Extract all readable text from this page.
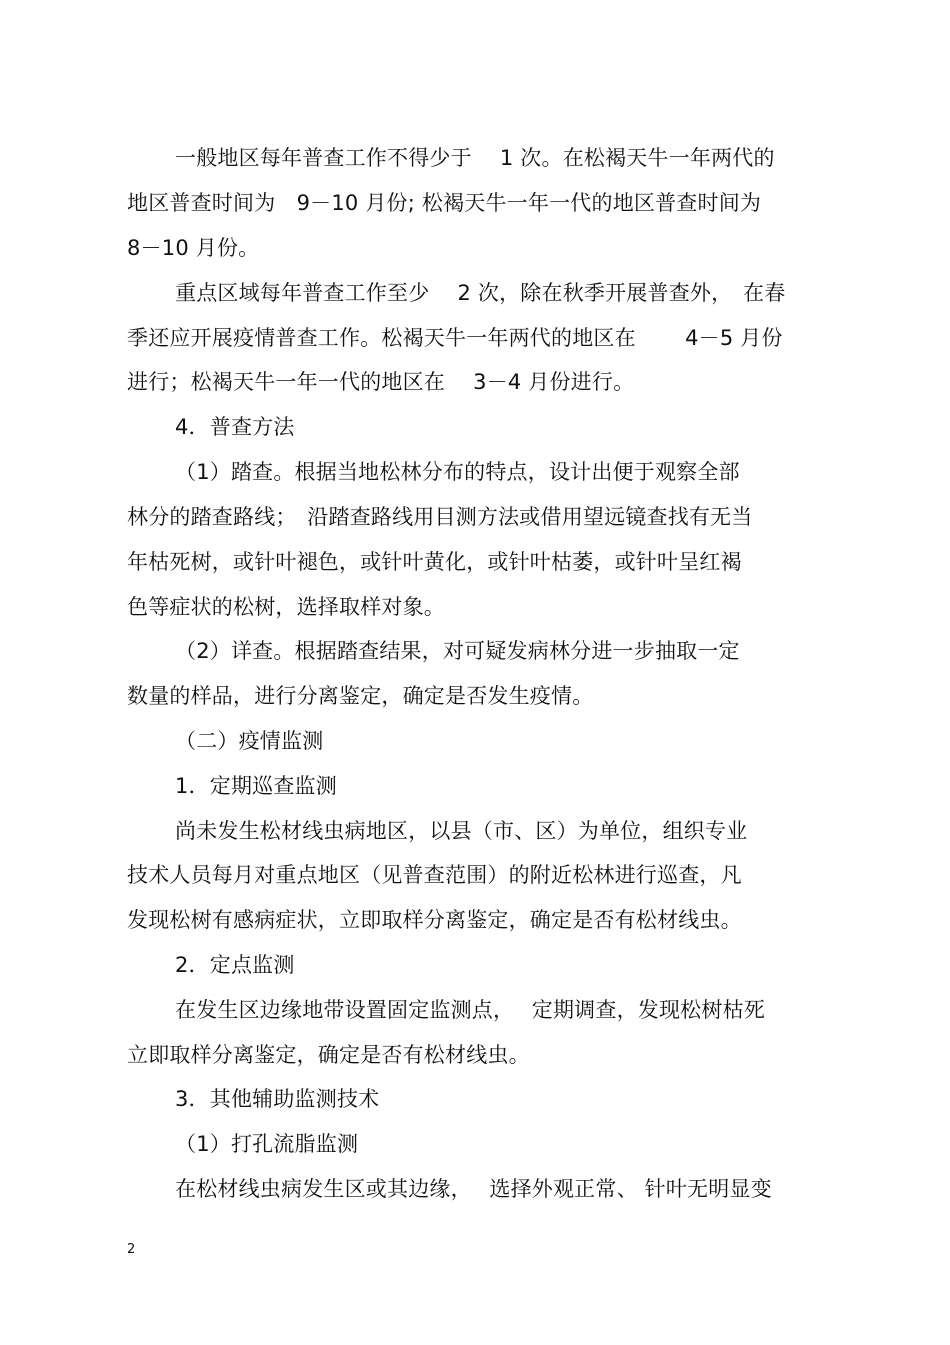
一般地区每年普查工作不得少于　 1 次。在松褐天牛一年两代的
地区普查时间为　9－10 月份; 松褐天牛一年一代的地区普查时间为
8－10 月份。
重点区域每年普查工作至少　 2 次，除在秋季开展普查外，　在春
季还应开展疫情普查工作。松褐天牛一年两代的地区在　　 4－5 月份
进行；松褐天牛一年一代的地区在　 3－4 月份进行。
4．普查方法
（1）踏查。根据当地松林分布的特点，设计出便于观察全部
林分的踏查路线；　沿踏查路线用目测方法或借用望远镜查找有无当
年枯死树，或针叶褪色，或针叶黄化，或针叶枯萎，或针叶呈红褐
色等症状的松树，选择取样对象。
（2）详查。根据踏查结果，对可疑发病林分进一步抽取一定
数量的样品，进行分离鉴定，确定是否发生疫情。
（二）疫情监测
1．定期巡查监测
尚未发生松材线虫病地区，以县（市、区）为单位，组织专业
技术人员每月对重点地区（见普查范围）的附近松林进行巡查，凡
发现松树有感病症状，立即取样分离鉴定，确定是否有松材线虫。
2．定点监测
在发生区边缘地带设置固定监测点，　 定期调查，发现松树枯死
立即取样分离鉴定，确定是否有松材线虫。
3．其他辅助监测技术
（1）打孔流脂监测
在松材线虫病发生区或其边缘，　 选择外观正常、 针叶无明显变
2
